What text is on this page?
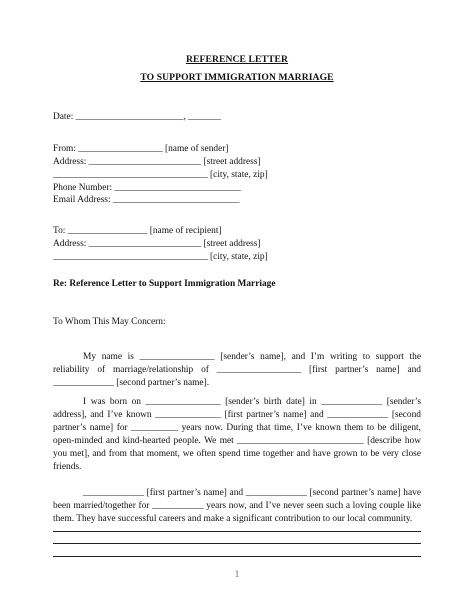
REFERENCE LETTER
TO SUPPORT IMMIGRATION MARRIAGE
Date: _______________________, _______
From: __________________ [name of sender]
Address: ________________________ [street address]
_________________________________ [city, state, zip]
Phone Number: ___________________________
Email Address: ___________________________
To: _________________ [name of recipient]
Address: ________________________ [street address]
_________________________________ [city, state, zip]
Re: Reference Letter to Support Immigration Marriage
To Whom This May Concern:

My name is ________________ [sender’s name], and I’m writing to support the reliability of marriage/relationship of __________________ [first partner’s name] and _____________ [second partner’s name].

I was born on ________________ [sender’s birth date] in _____________ [sender’s address], and I’ve known ______________ [first partner’s name] and _____________ [second partner’s name] for __________ years now. During that time, I’ve known them to be diligent, open-minded and kind-hearted people. We met ___________________________ [describe how you met], and from that moment, we often spend time together and have grown to be very close friends.

_____________ [first partner’s name] and _____________ [second partner’s name] have been married/together for ___________ years now, and I’ve never seen such a loving couple like them. They have successful careers and make a significant contribution to our local community.

1
